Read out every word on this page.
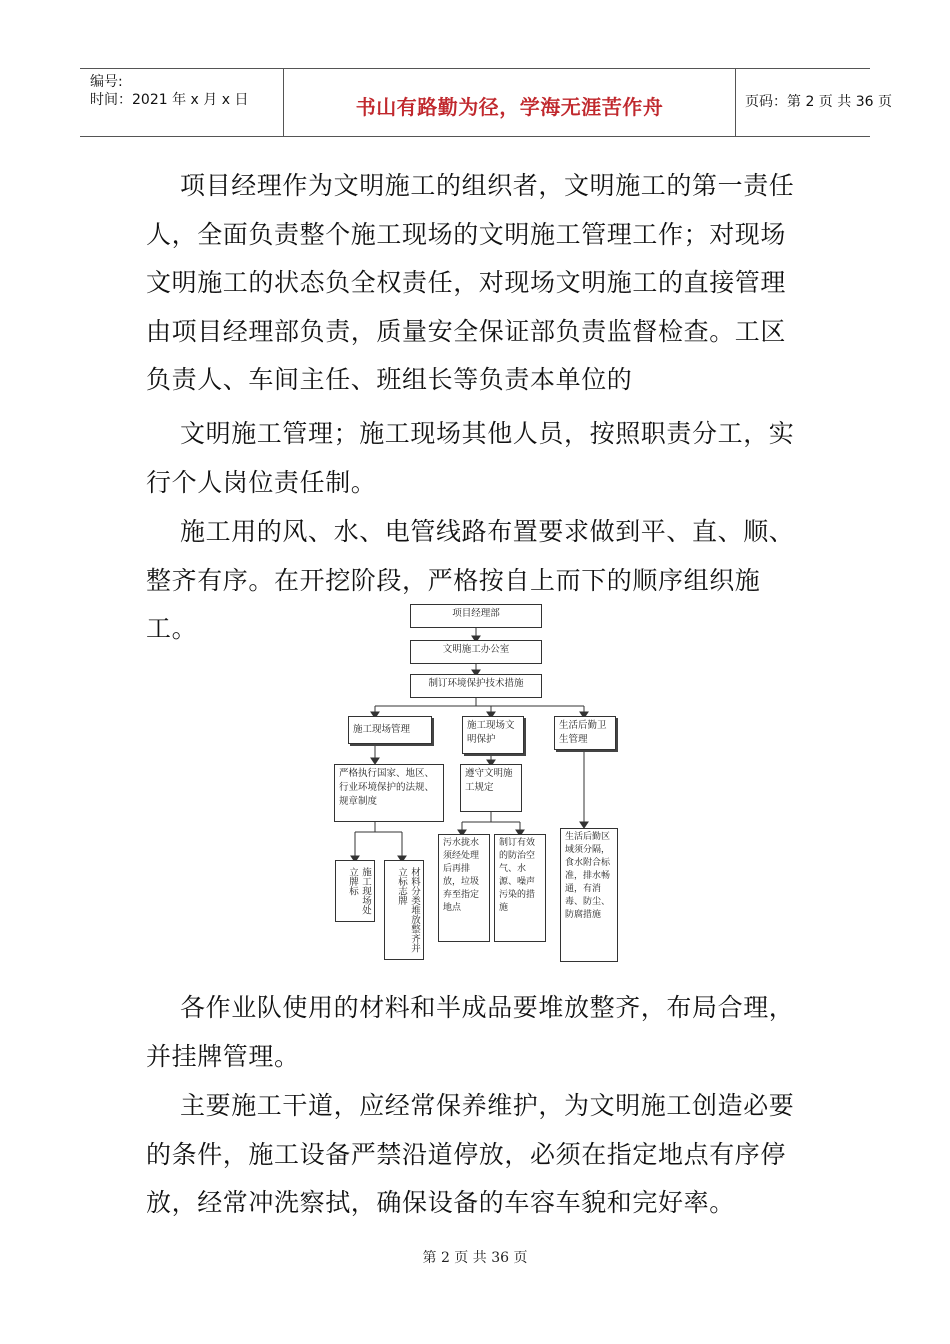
编号:
时间：2021 年 x 月 x 日	书山有路勤为径，学海无涯苦作舟	页码：第 2 页 共 36 页
项目经理作为文明施工的组织者，文明施工的第一责任人，全面负责整个施工现场的文明施工管理工作；对现场文明施工的状态负全权责任，对现场文明施工的直接管理由项目经理部负责，质量安全保证部负责监督检查。工区负责人、车间主任、班组长等负责本单位的
文明施工管理；施工现场其他人员，按照职责分工，实行个人岗位责任制。
施工用的风、水、电管线路布置要求做到平、直、顺、整齐有序。在开挖阶段，严格按自上而下的顺序组织施工。
项目经理部
文明施工办公室
制订环境保护技术措施
施工现场管理	施工现场文明保护
生活后勤卫生管理
严格执行国家、地区、行业环境保护的法规、规章制度
遵守文明施工规定
施工现场处立牌标	材料分类堆放整齐并立标志牌
污水拢水须经处理后再排放，垃圾弃至指定地点
制订有效的防治空气、水源、噪声污染的措施
生活后勤区域须分隔，食水附合标准，排水畅通，有消毒、防尘、防腐措施
各作业队使用的材料和半成品要堆放整齐，布局合理，并挂牌管理。
主要施工干道，应经常保养维护，为文明施工创造必要的条件，施工设备严禁沿道停放，必须在指定地点有序停放，经常冲洗察拭，确保设备的车容车貌和完好率。
第 2 页 共 36 页
